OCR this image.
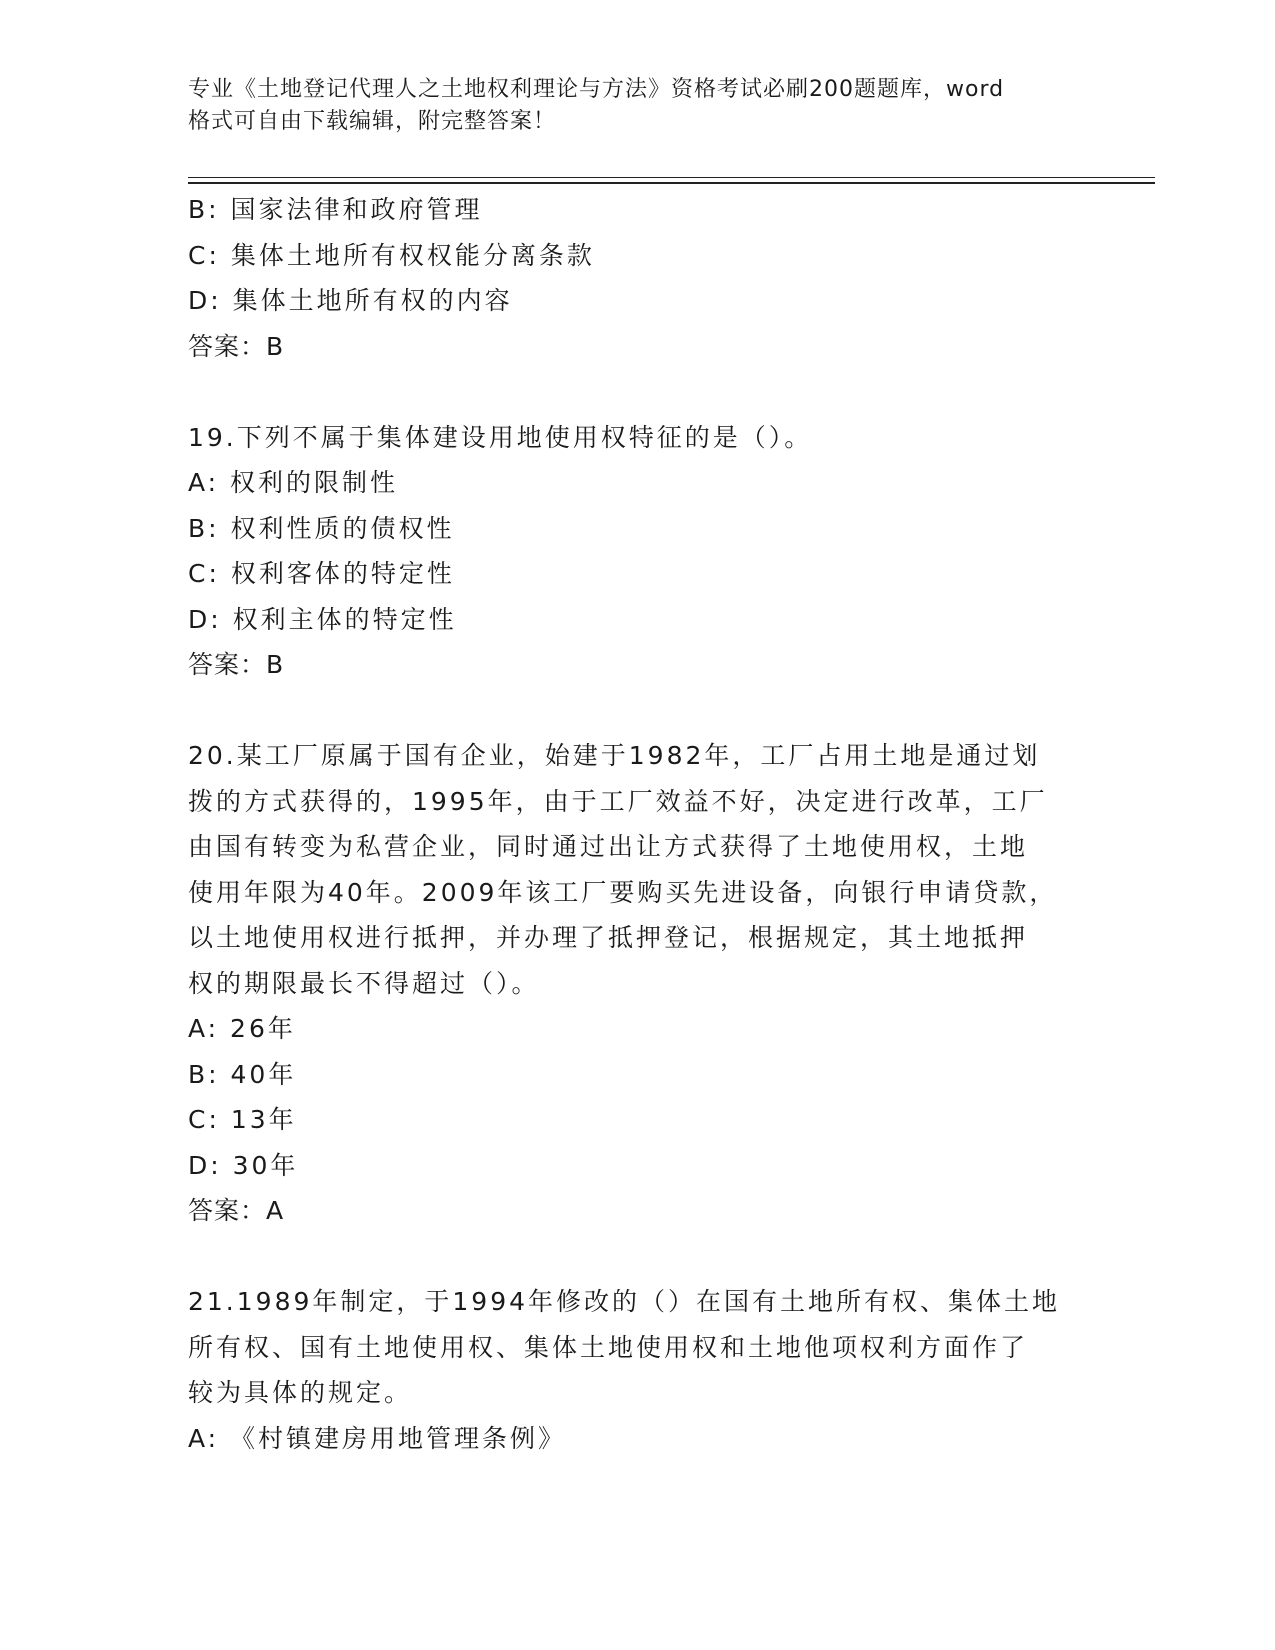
专业《土地登记代理人之土地权利理论与方法》资格考试必刷200题题库，word
格式可自由下载编辑，附完整答案！
B: 国家法律和政府管理
C: 集体土地所有权权能分离条款
D: 集体土地所有权的内容
答案：B
19.下列不属于集体建设用地使用权特征的是（）。
A: 权利的限制性
B: 权利性质的债权性
C: 权利客体的特定性
D: 权利主体的特定性
答案：B
20.某工厂原属于国有企业，始建于1982年，工厂占用土地是通过划
拨的方式获得的，1995年，由于工厂效益不好，决定进行改革，工厂
由国有转变为私营企业，同时通过出让方式获得了土地使用权，土地
使用年限为40年。2009年该工厂要购买先进设备，向银行申请贷款，
以土地使用权进行抵押，并办理了抵押登记，根据规定，其土地抵押
权的期限最长不得超过（）。
A: 26年
B: 40年
C: 13年
D: 30年
答案：A
21.1989年制定，于1994年修改的（）在国有土地所有权、集体土地
所有权、国有土地使用权、集体土地使用权和土地他项权利方面作了
较为具体的规定。
A: 《村镇建房用地管理条例》
